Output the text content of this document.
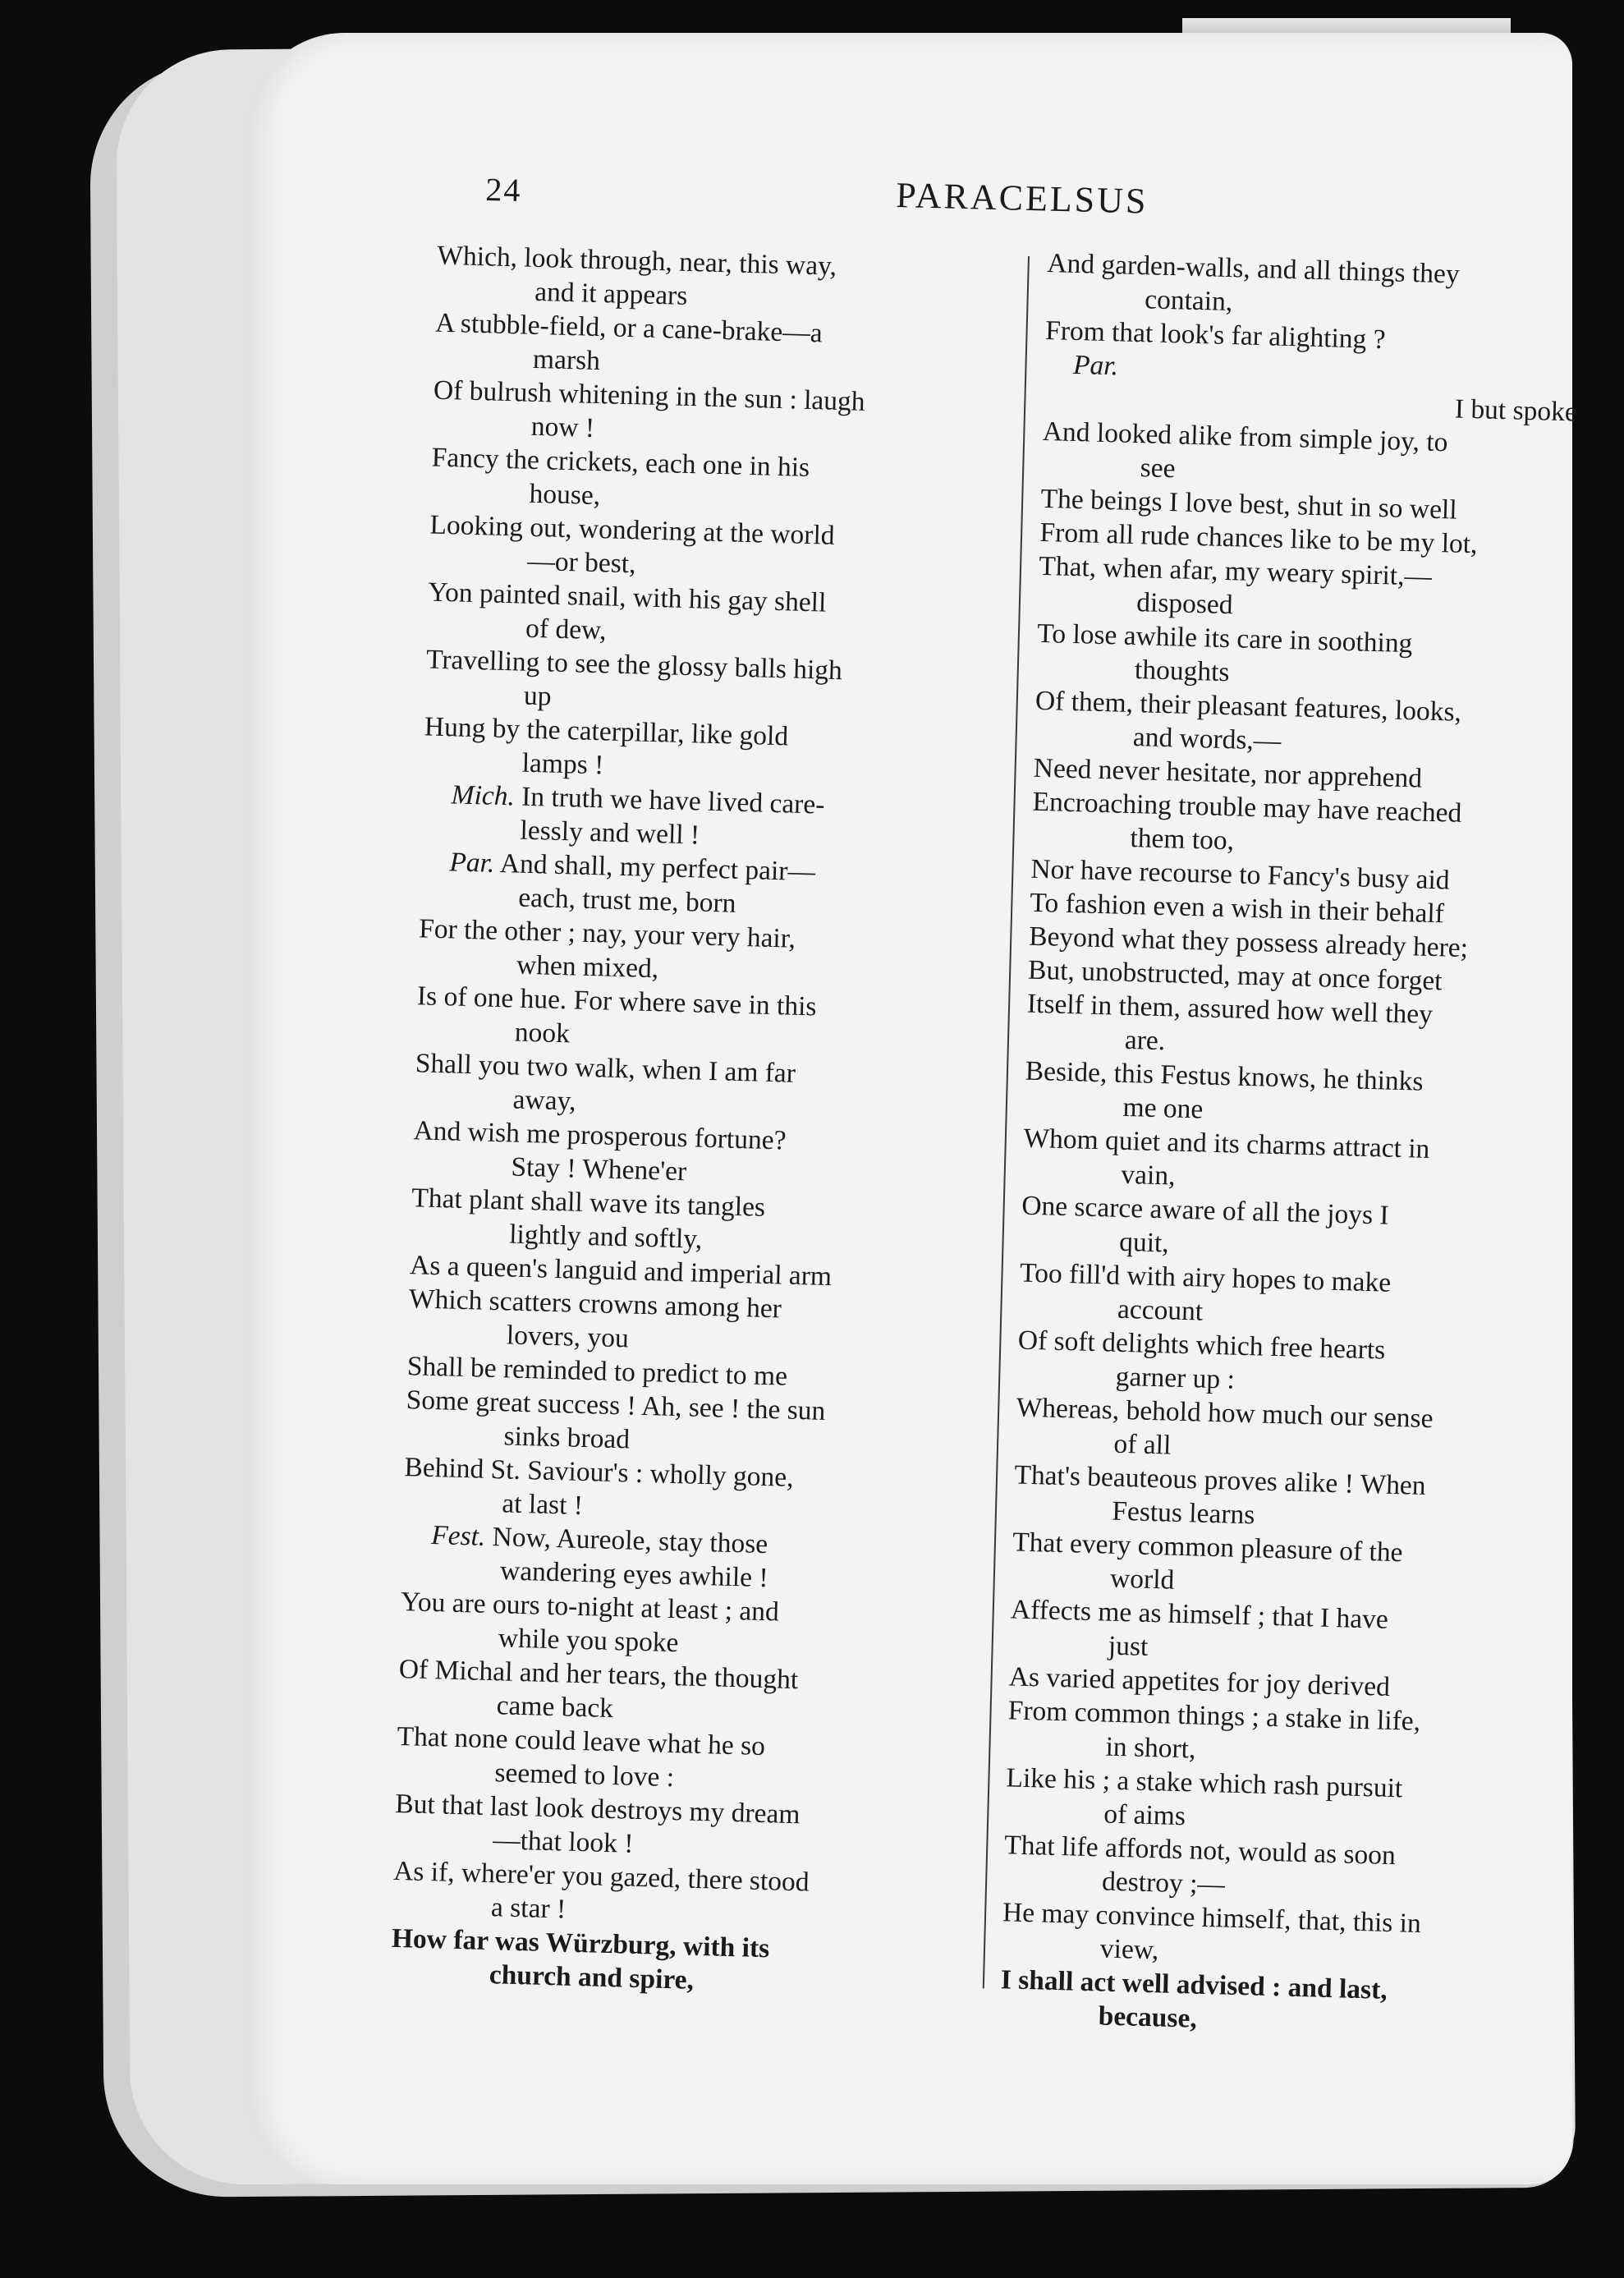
24	PARACELSUS
Which, look through, near, this way,
and it appears
A stubble-field, or a cane-brake—a
marsh
Of bulrush whitening in the sun : laugh
now !
Fancy the crickets, each one in his
house,
Looking out, wondering at the world
—or best,
Yon painted snail, with his gay shell
of dew,
Travelling to see the glossy balls high
up
Hung by the caterpillar, like gold
lamps !
Mich. In truth we have lived care-
lessly and well !
Par. And shall, my perfect pair—
each, trust me, born
For the other ; nay, your very hair,
when mixed,
Is of one hue. For where save in this
nook
Shall you two walk, when I am far
away,
And wish me prosperous fortune?
Stay ! Whene'er
That plant shall wave its tangles
lightly and softly,
As a queen's languid and imperial arm
Which scatters crowns among her
lovers, you
Shall be reminded to predict to me
Some great success ! Ah, see ! the sun
sinks broad
Behind St. Saviour's : wholly gone,
at last !
Fest. Now, Aureole, stay those
wandering eyes awhile !
You are ours to-night at least ; and
while you spoke
Of Michal and her tears, the thought
came back
That none could leave what he so
seemed to love :
But that last look destroys my dream
—that look !
As if, where'er you gazed, there stood
a star !
How far was Würzburg, with its
church and spire,
And garden-walls, and all things they
contain,
From that look's far alighting ?
Par.
I but spoke
And looked alike from simple joy, to
see
The beings I love best, shut in so well
From all rude chances like to be my lot,
That, when afar, my weary spirit,—
disposed
To lose awhile its care in soothing
thoughts
Of them, their pleasant features, looks,
and words,—
Need never hesitate, nor apprehend
Encroaching trouble may have reached
them too,
Nor have recourse to Fancy's busy aid
To fashion even a wish in their behalf
Beyond what they possess already here;
But, unobstructed, may at once forget
Itself in them, assured how well they
are.
Beside, this Festus knows, he thinks
me one
Whom quiet and its charms attract in
vain,
One scarce aware of all the joys I
quit,
Too fill'd with airy hopes to make
account
Of soft delights which free hearts
garner up :
Whereas, behold how much our sense
of all
That's beauteous proves alike ! When
Festus learns
That every common pleasure of the
world
Affects me as himself ; that I have
just
As varied appetites for joy derived
From common things ; a stake in life,
in short,
Like his ; a stake which rash pursuit
of aims
That life affords not, would as soon
destroy ;—
He may convince himself, that, this in
view,
I shall act well advised : and last,
because,
